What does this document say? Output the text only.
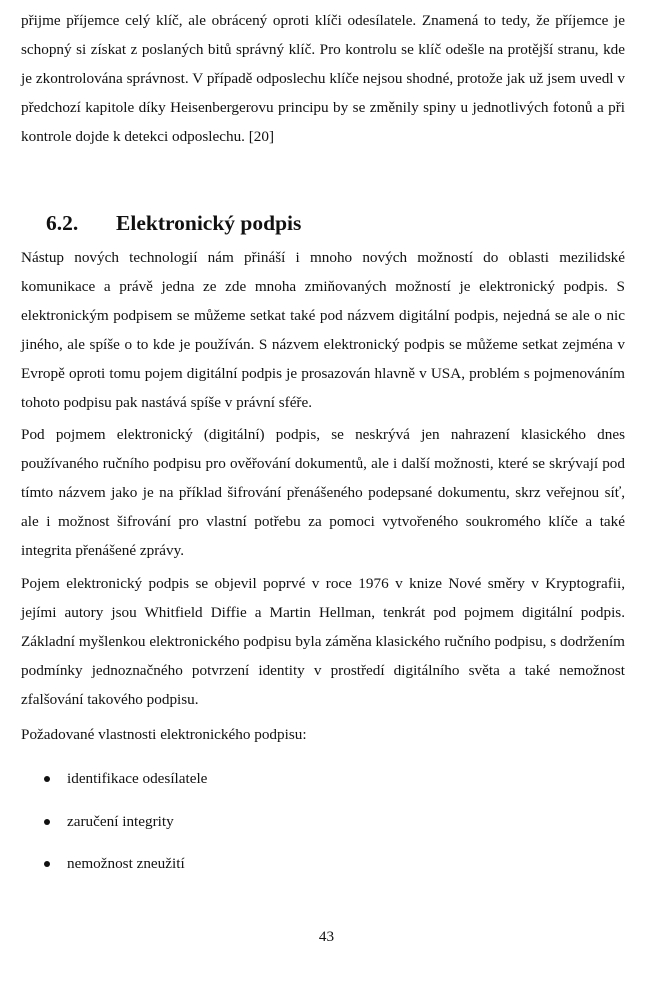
přijme příjemce celý klíč, ale obrácený oproti klíči odesílatele. Znamená to tedy, že příjemce je schopný si získat z poslaných bitů správný klíč. Pro kontrolu se klíč odešle na protější stranu, kde je zkontrolována správnost. V případě odposlechu klíče nejsou shodné, protože jak už jsem uvedl v předchozí kapitole díky Heisenbergerovu principu by se změnily spiny u jednotlivých fotonů a při kontrole dojde k detekci odposlechu. [20]

6.2. Elektronický podpis

Nástup nových technologií nám přináší i mnoho nových možností do oblasti mezilidské komunikace a právě jedna ze zde mnoha zmiňovaných možností je elektronický podpis. S elektronickým podpisem se můžeme setkat také pod názvem digitální podpis, nejedná se ale o nic jiného, ale spíše o to kde je používán. S názvem elektronický podpis se můžeme setkat zejména v Evropě oproti tomu pojem digitální podpis je prosazován hlavně v USA, problém s pojmenováním tohoto podpisu pak nastává spíše v právní sféře.

Pod pojmem elektronický (digitální) podpis, se neskrývá jen nahrazení klasického dnes používaného ručního podpisu pro ověřování dokumentů, ale i další možnosti, které se skrývají pod tímto názvem jako je na příklad šifrování přenášeného podepsané dokumentu, skrz veřejnou síť, ale i možnost šifrování pro vlastní potřebu za pomoci vytvořeného soukromého klíče a také integrita přenášené zprávy.

Pojem elektronický podpis se objevil poprvé v roce 1976 v knize Nové směry v Kryptografii, jejími autory jsou Whitfield Diffie a Martin Hellman, tenkrát pod pojmem digitální podpis. Základní myšlenkou elektronického podpisu byla záměna klasického ručního podpisu, s dodržením podmínky jednoznačného potvrzení identity v prostředí digitálního světa a také nemožnost zfalšování takového podpisu.

Požadované vlastnosti elektronického podpisu:

identifikace odesílatele
zaručení integrity
nemožnost zneužití
43
